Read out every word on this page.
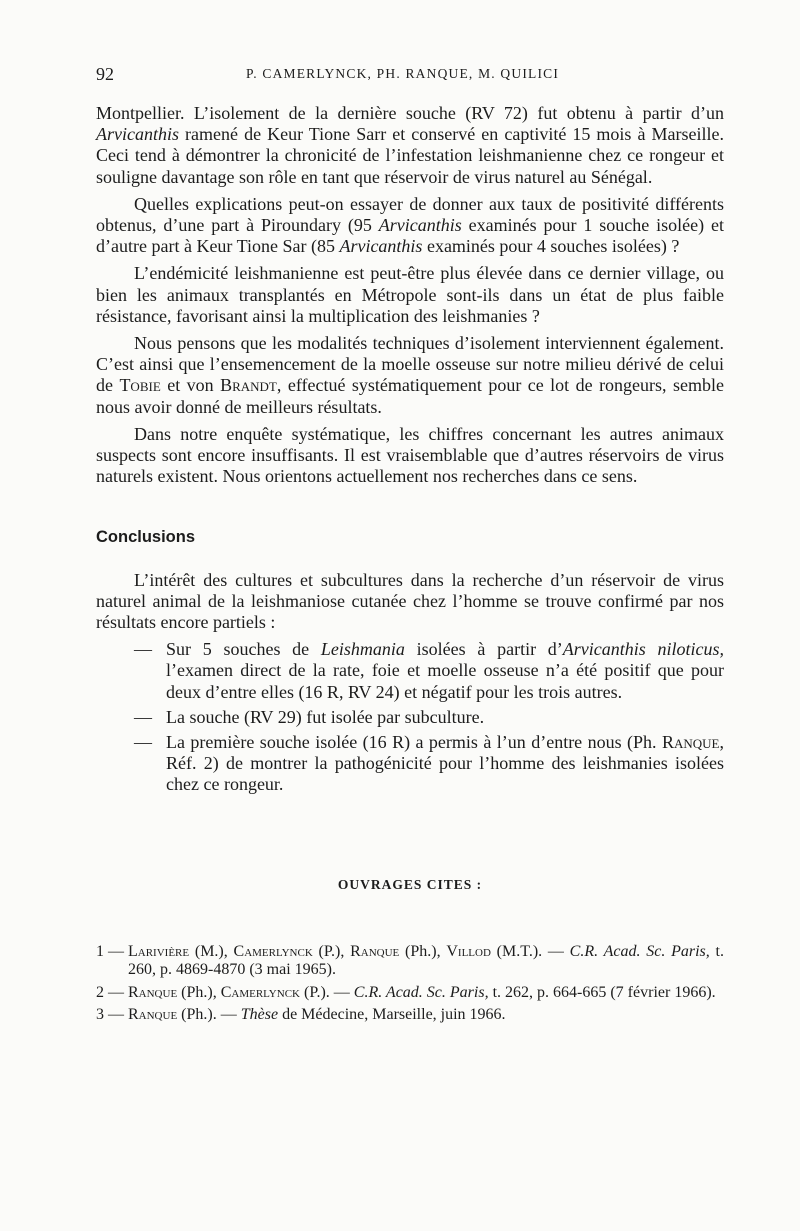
92	P. CAMERLYNCK, PH. RANQUE, M. QUILICI

Montpellier. L’isolement de la dernière souche (RV 72) fut obtenu à partir d’un Arvicanthis ramené de Keur Tione Sarr et conservé en captivité 15 mois à Marseille. Ceci tend à démontrer la chronicité de l’infestation leishmanienne chez ce rongeur et souligne davantage son rôle en tant que réservoir de virus naturel au Sénégal.

Quelles explications peut-on essayer de donner aux taux de positivité différents obtenus, d’une part à Piroundary (95 Arvicanthis examinés pour 1 souche isolée) et d’autre part à Keur Tione Sar (85 Arvicanthis examinés pour 4 souches isolées) ?

L’endémicité leishmanienne est peut-être plus élevée dans ce dernier village, ou bien les animaux transplantés en Métropole sont-ils dans un état de plus faible résistance, favorisant ainsi la multiplication des leishmanies ?

Nous pensons que les modalités techniques d’isolement interviennent également. C’est ainsi que l’ensemencement de la moelle osseuse sur notre milieu dérivé de celui de Tobie et von Brandt, effectué systématiquement pour ce lot de rongeurs, semble nous avoir donné de meilleurs résultats.

Dans notre enquête systématique, les chiffres concernant les autres animaux suspects sont encore insuffisants. Il est vraisemblable que d’autres réservoirs de virus naturels existent. Nous orientons actuellement nos recherches dans ce sens.

Conclusions

L’intérêt des cultures et subcultures dans la recherche d’un réservoir de virus naturel animal de la leishmaniose cutanée chez l’homme se trouve confirmé par nos résultats encore partiels :

— Sur 5 souches de Leishmania isolées à partir d’Arvicanthis niloticus, l’examen direct de la rate, foie et moelle osseuse n’a été positif que pour deux d’entre elles (16 R, RV 24) et négatif pour les trois autres.
— La souche (RV 29) fut isolée par subculture.
— La première souche isolée (16 R) a permis à l’un d’entre nous (Ph. Ranque, Réf. 2) de montrer la pathogénicité pour l’homme des leishmanies isolées chez ce rongeur.
OUVRAGES CITES :
1 — Larivière (M.), Camerlynck (P.), Ranque (Ph.), Villod (M.T.). — C.R. Acad. Sc. Paris, t. 260, p. 4869-4870 (3 mai 1965).
2 — Ranque (Ph.), Camerlynck (P.). — C.R. Acad. Sc. Paris, t. 262, p. 664-665 (7 février 1966).
3 — Ranque (Ph.). — Thèse de Médecine, Marseille, juin 1966.
